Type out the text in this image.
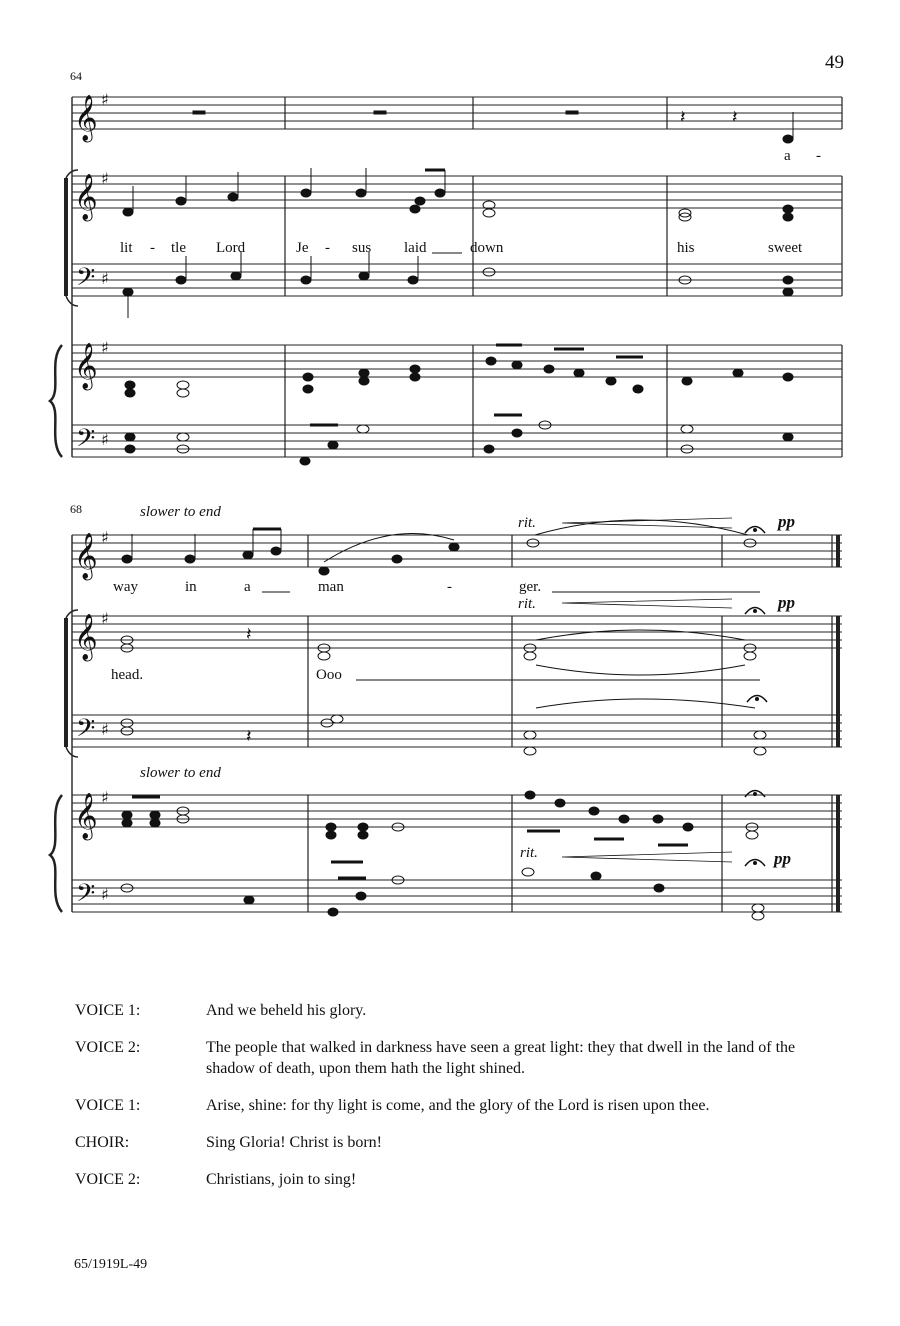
49
𝄞
𝄞
𝄢
𝄞
𝄢
♯
♯
♯
♯
♯
𝄽	𝄽
𝄞
𝄞
𝄢
𝄞
𝄢
♯
♯
♯
♯
♯
𝄽
𝄽
64
68
a -
lit - tle Lord	Je - sus laid	down	his	sweet
slower to end
rit.	pp
way	in	a	man	-	ger.
rit.	pp
head.	Ooo
slower to end
rit.	pp
VOICE 1:	And we beheld his glory.
VOICE 2:	The people that walked in darkness have seen a great light: they that dwell in the land of the shadow of death, upon them hath the light shined.
VOICE 1:	Arise, shine: for thy light is come, and the glory of the Lord is risen upon thee.
CHOIR:	Sing Gloria! Christ is born!
VOICE 2:	Christians, join to sing!
65/1919L-49
